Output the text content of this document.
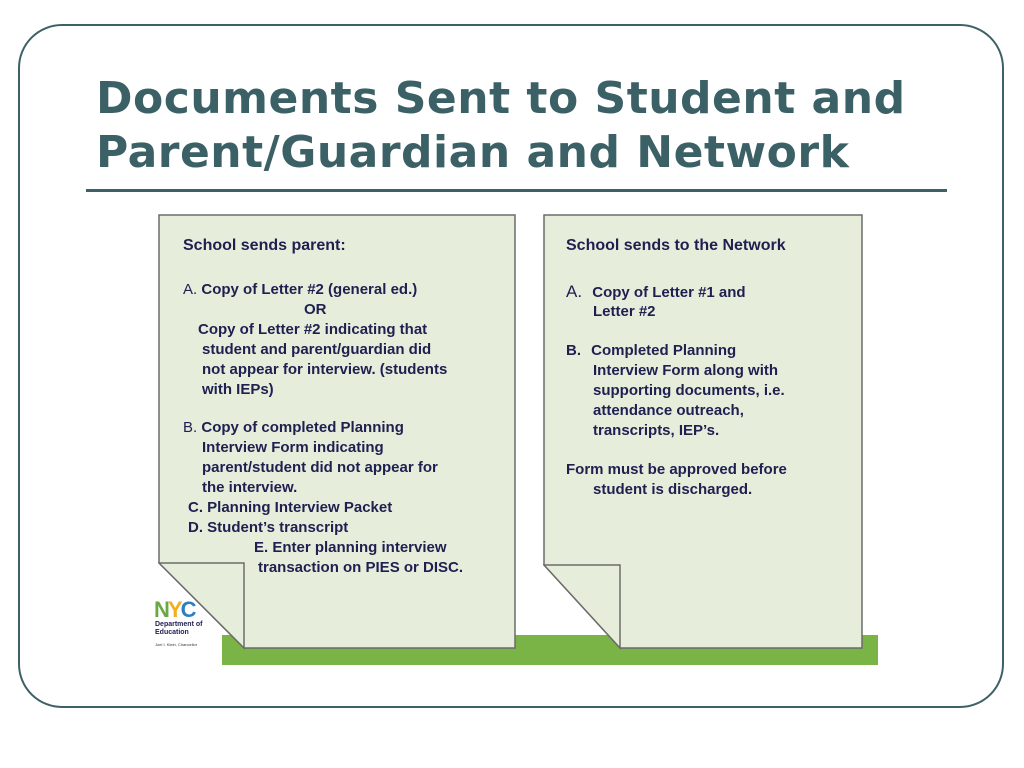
Documents Sent to Student and
Parent/Guardian and Network
School sends parent:
A. Copy of Letter #2 (general ed.)
OR
Copy of Letter #2 indicating that
student and parent/guardian did
not appear for interview. (students
with IEPs)
B. Copy of completed Planning
Interview Form indicating
parent/student did not appear for
the interview.
C. Planning Interview Packet
D. Student’s transcript
E. Enter planning interview
transaction on PIES or DISC.
School sends to the Network
A. Copy of Letter #1 and
Letter #2
B. Completed Planning
Interview Form along with
supporting documents, i.e.
attendance outreach,
transcripts, IEP’s.
Form must be approved before
student is discharged.
NYC
Department of Education
Joel I. Klein, Chancellor
